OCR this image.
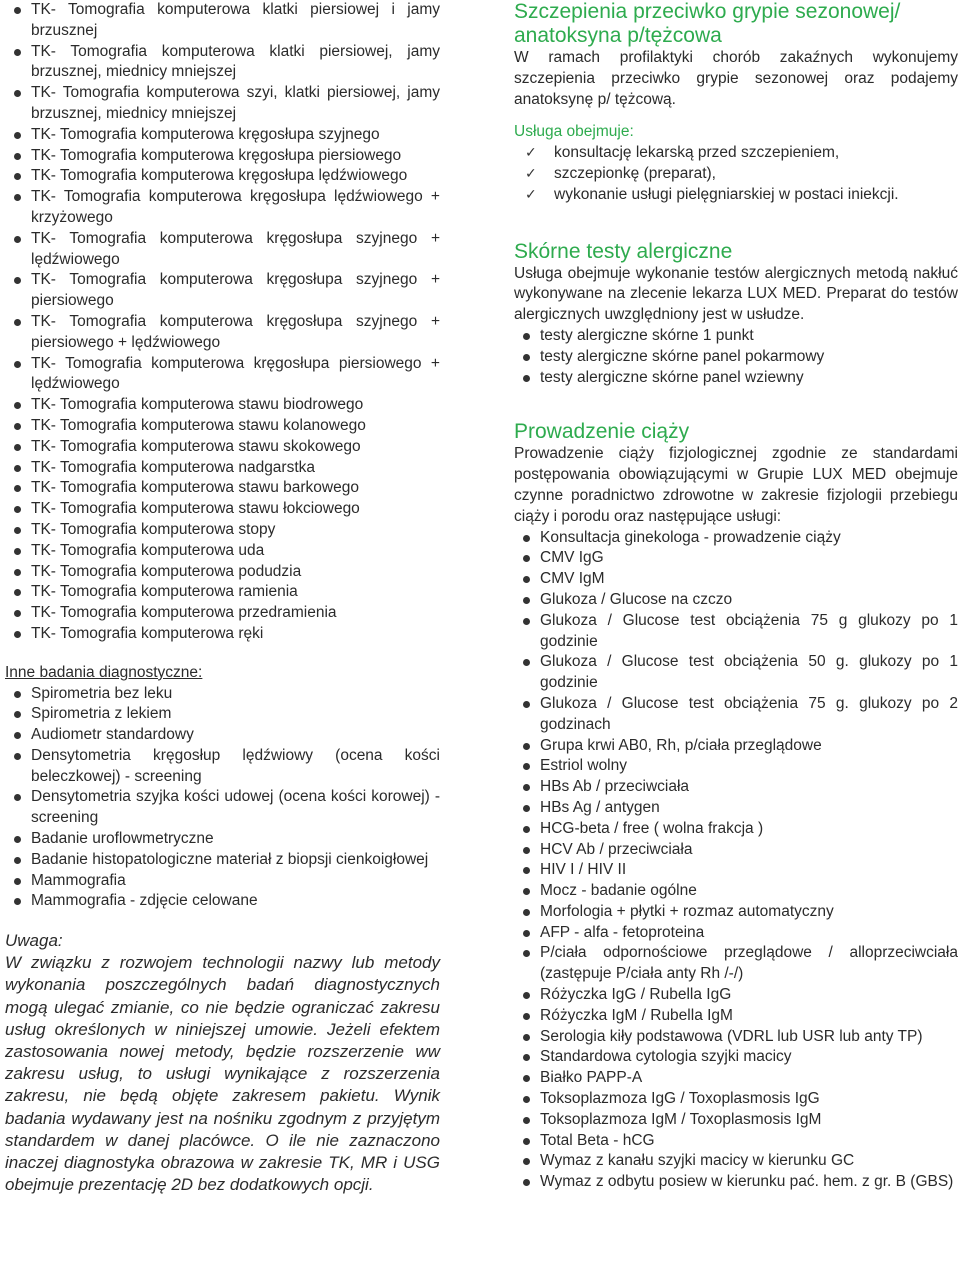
TK- Tomografia komputerowa klatki piersiowej i jamy brzusznej
TK- Tomografia komputerowa klatki piersiowej, jamy brzusznej, miednicy mniejszej
TK- Tomografia komputerowa szyi, klatki piersiowej, jamy brzusznej, miednicy mniejszej
TK- Tomografia komputerowa kręgosłupa szyjnego
TK- Tomografia komputerowa kręgosłupa piersiowego
TK- Tomografia komputerowa kręgosłupa lędźwiowego
TK- Tomografia komputerowa kręgosłupa lędźwiowego + krzyżowego
TK- Tomografia komputerowa kręgosłupa szyjnego + lędźwiowego
TK- Tomografia komputerowa kręgosłupa szyjnego + piersiowego
TK- Tomografia komputerowa kręgosłupa szyjnego + piersiowego + lędźwiowego
TK- Tomografia komputerowa kręgosłupa piersiowego + lędźwiowego
TK- Tomografia komputerowa stawu biodrowego
TK- Tomografia komputerowa stawu kolanowego
TK- Tomografia komputerowa stawu skokowego
TK- Tomografia komputerowa nadgarstka
TK- Tomografia komputerowa stawu barkowego
TK- Tomografia komputerowa stawu łokciowego
TK- Tomografia komputerowa stopy
TK- Tomografia komputerowa uda
TK- Tomografia komputerowa podudzia
TK- Tomografia komputerowa ramienia
TK- Tomografia komputerowa przedramienia
TK- Tomografia komputerowa ręki
Inne badania diagnostyczne:
Spirometria bez leku
Spirometria z lekiem
Audiometr standardowy
Densytometria kręgosłup lędźwiowy (ocena kości beleczkowej) - screening
Densytometria szyjka kości udowej (ocena kości korowej) - screening
Badanie uroflowmetryczne
Badanie histopatologiczne materiał z biopsji cienkoigłowej
Mammografia
Mammografia - zdjęcie celowane
Uwaga:

W związku z rozwojem technologii nazwy lub metody wykonania poszczególnych badań diagnostycznych mogą ulegać zmianie, co nie będzie ograniczać zakresu usług określonych w niniejszej umowie. Jeżeli efektem zastosowania nowej metody, będzie rozszerzenie ww zakresu usług, to usługi wynikające z rozszerzenia zakresu, nie będą objęte zakresem pakietu. Wynik badania wydawany jest na nośniku zgodnym z przyjętym standardem w danej placówce. O ile nie zaznaczono inaczej diagnostyka obrazowa w zakresie TK, MR i USG obejmuje prezentację 2D bez dodatkowych opcji.

Szczepienia przeciwko grypie sezonowej/ anatoksyna p/tężcowa

W ramach profilaktyki chorób zakaźnych wykonujemy szczepienia przeciwko grypie sezonowej oraz podajemy anatoksynę p/ tężcową.

Usługa obejmuje:
✓ konsultację lekarską przed szczepieniem,
✓ szczepionkę (preparat),
✓ wykonanie usługi pielęgniarskiej w postaci iniekcji.
Skórne testy alergiczne

Usługa obejmuje wykonanie testów alergicznych metodą nakłuć wykonywane na zlecenie lekarza LUX MED. Preparat do testów alergicznych uwzględniony jest w usłudze.

testy alergiczne skórne 1 punkt
testy alergiczne skórne panel pokarmowy
testy alergiczne skórne panel wziewny
Prowadzenie ciąży

Prowadzenie ciąży fizjologicznej zgodnie ze standardami postępowania obowiązującymi w Grupie LUX MED obejmuje czynne poradnictwo zdrowotne w zakresie fizjologii przebiegu ciąży i porodu oraz następujące usługi:

Konsultacja ginekologa - prowadzenie ciąży
CMV IgG
CMV IgM
Glukoza / Glucose na czczo
Glukoza / Glucose test obciążenia 75 g glukozy po 1 godzinie
Glukoza / Glucose test obciążenia 50 g. glukozy po 1 godzinie
Glukoza / Glucose test obciążenia 75 g. glukozy po 2 godzinach
Grupa krwi AB0, Rh, p/ciała przeglądowe
Estriol wolny
HBs Ab / przeciwciała
HBs Ag / antygen
HCG-beta / free ( wolna frakcja )
HCV Ab / przeciwciała
HIV I / HIV II
Mocz - badanie ogólne
Morfologia + płytki + rozmaz automatyczny
AFP - alfa - fetoproteina
P/ciała odpornościowe przeglądowe / alloprzeciwciała (zastępuje P/ciała anty Rh /-/)
Różyczka IgG / Rubella IgG
Różyczka IgM / Rubella IgM
Serologia kiły podstawowa (VDRL lub USR lub anty TP)
Standardowa cytologia szyjki macicy
Białko PAPP-A
Toksoplazmoza IgG / Toxoplasmosis IgG
Toksoplazmoza IgM / Toxoplasmosis IgM
Total Beta - hCG
Wymaz z kanału szyjki macicy w kierunku GC
Wymaz z odbytu posiew w kierunku pać. hem. z gr. B (GBS)
